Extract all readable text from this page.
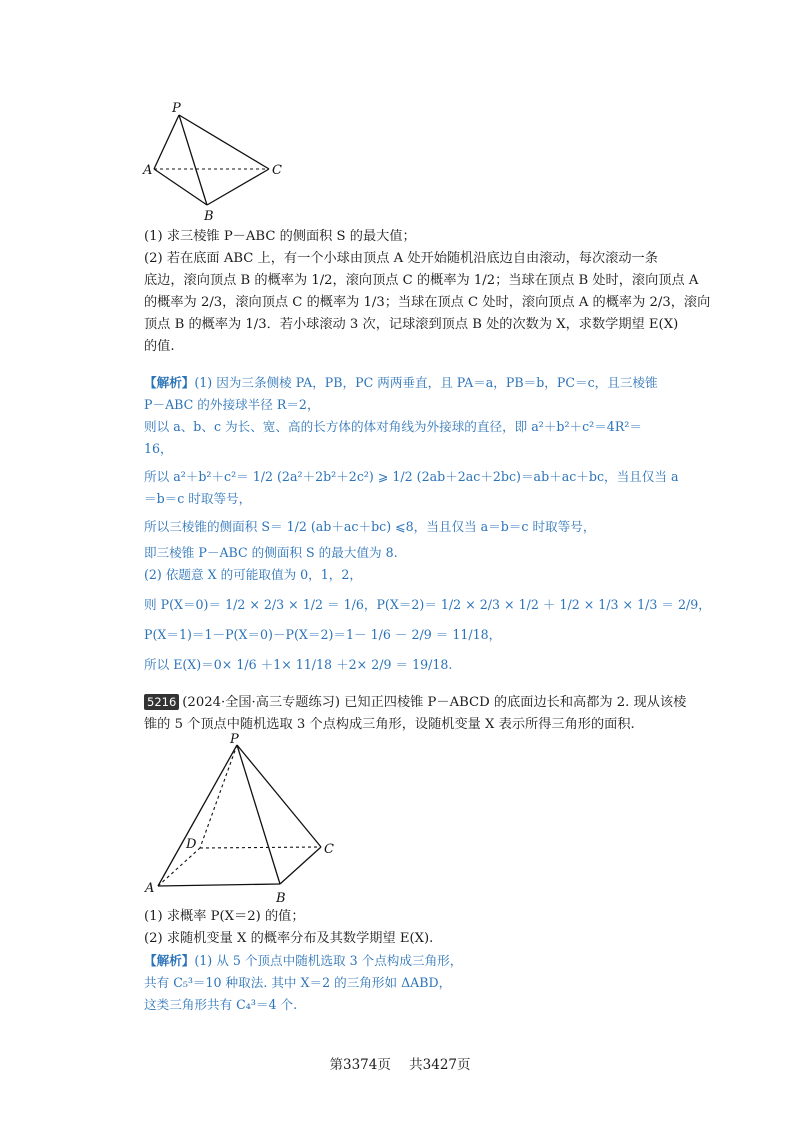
P
A
B
C
(1) 求三棱锥 P－ABC 的侧面积 S 的最大值；
(2) 若在底面 ABC 上，有一个小球由顶点 A 处开始随机沿底边自由滚动，每次滚动一条
底边，滚向顶点 B 的概率为 1/2，滚向顶点 C 的概率为 1/2；当球在顶点 B 处时，滚向顶点 A
的概率为 2/3，滚向顶点 C 的概率为 1/3；当球在顶点 C 处时，滚向顶点 A 的概率为 2/3，滚向
顶点 B 的概率为 1/3．若小球滚动 3 次，记球滚到顶点 B 处的次数为 X，求数学期望 E(X)
的值.
【解析】(1) 因为三条侧棱 PA，PB，PC 两两垂直，且 PA＝a，PB＝b，PC＝c，且三棱锥
P－ABC 的外接球半径 R＝2，
则以 a、b、c 为长、宽、高的长方体的体对角线为外接球的直径，即 a²＋b²＋c²＝4R²＝
16，
所以 a²＋b²＋c²＝ 1/2 (2a²＋2b²＋2c²) ⩾ 1/2 (2ab＋2ac＋2bc)＝ab＋ac＋bc，当且仅当 a
＝b＝c 时取等号，
所以三棱锥的侧面积 S＝ 1/2 (ab＋ac＋bc) ⩽8，当且仅当 a＝b＝c 时取等号，
即三棱锥 P－ABC 的侧面积 S 的最大值为 8.
(2) 依题意 X 的可能取值为 0，1，2，
则 P(X＝0)＝ 1/2 × 2/3 × 1/2 ＝ 1/6，P(X＝2)＝ 1/2 × 2/3 × 1/2 ＋ 1/2 × 1/3 × 1/3 ＝ 2/9，
P(X＝1)＝1－P(X＝0)－P(X＝2)＝1－ 1/6 － 2/9 ＝ 11/18，
所以 E(X)＝0× 1/6 ＋1× 11/18 ＋2× 2/9 ＝ 19/18.
5216 (2024·全国·高三专题练习) 已知正四棱锥 P－ABCD 的底面边长和高都为 2. 现从该棱
锥的 5 个顶点中随机选取 3 个点构成三角形，设随机变量 X 表示所得三角形的面积.
P
A
B
C
D
(1) 求概率 P(X＝2) 的值；
(2) 求随机变量 X 的概率分布及其数学期望 E(X).
【解析】(1) 从 5 个顶点中随机选取 3 个点构成三角形，
共有 C₅³＝10 种取法. 其中 X＝2 的三角形如 ΔABD，
这类三角形共有 C₄³＝4 个.
第3374页 共3427页
